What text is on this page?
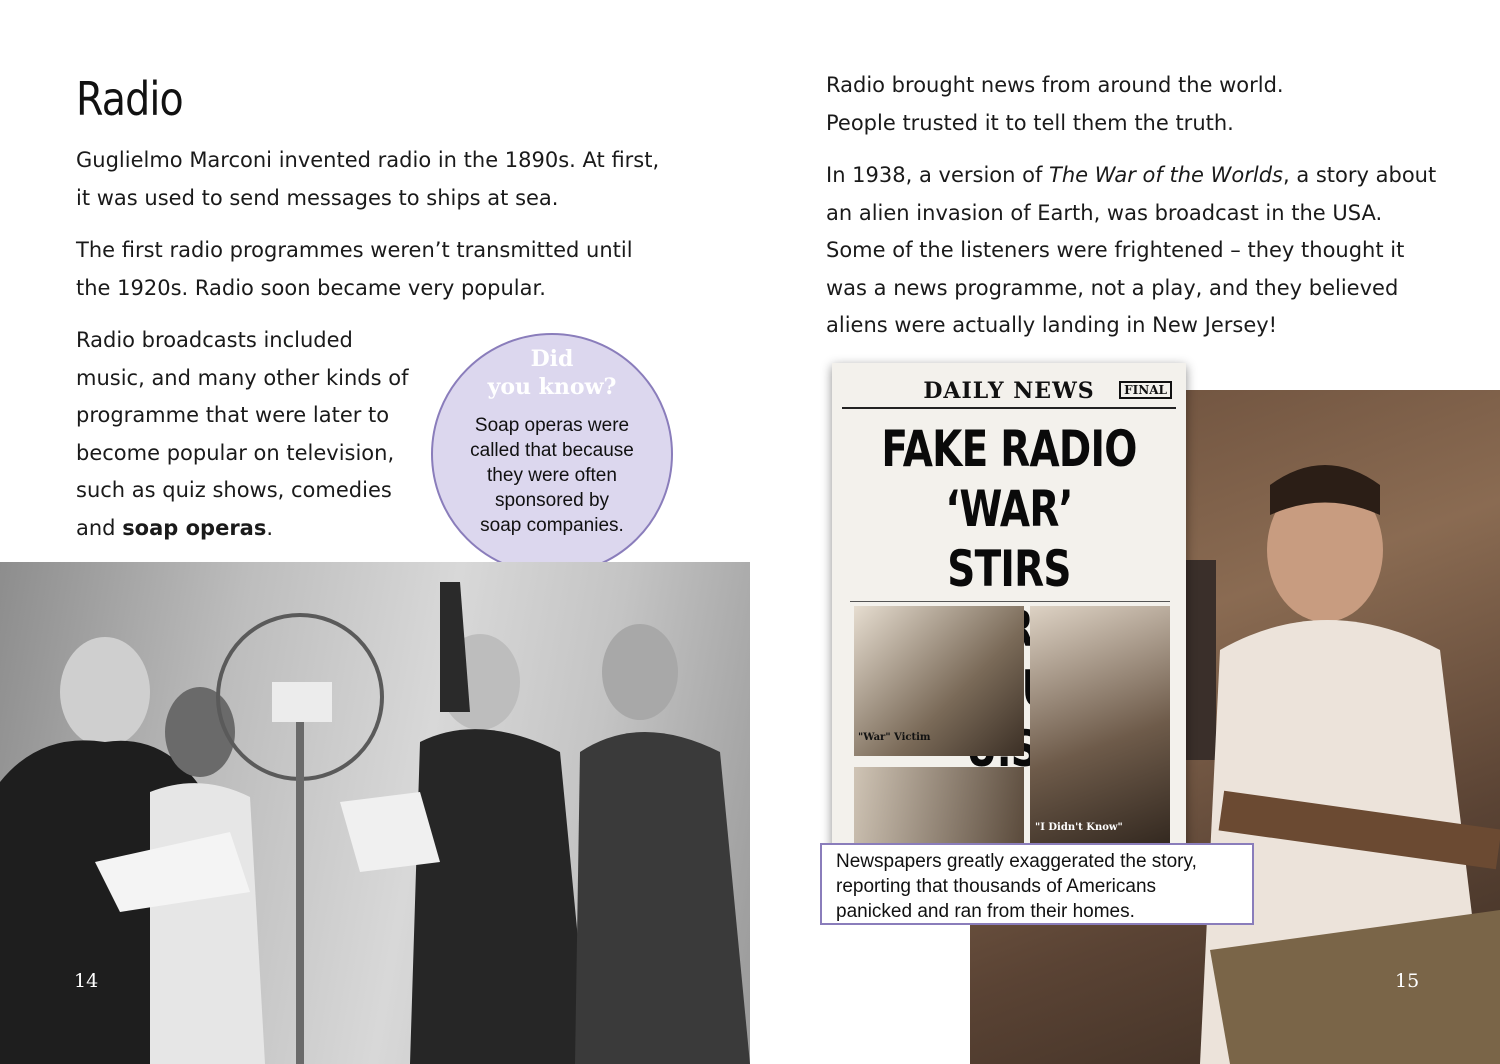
Radio
Guglielmo Marconi invented radio in the 1890s. At first,
it was used to send messages to ships at sea.
The first radio programmes weren’t transmitted until
the 1920s. Radio soon became very popular.
Radio broadcasts included
music, and many other kinds of
programme that were later to
become popular on television,
such as quiz shows, comedies
and soap operas.
Did
you know?
Soap operas were
called that because
they were often
sponsored by
soap companies.
14
Radio brought news from around the world.
People trusted it to tell them the truth.
In 1938, a version of The War of the Worlds, a story about
an alien invasion of Earth, was broadcast in the USA.
Some of the listeners were frightened – they thought it
was a news programme, not a play, and they believed
aliens were actually landing in New Jersey!
15
DAILY NEWS	FINAL
FAKE RADIO ‘WAR’
STIRS
"War" Victim
"I Didn't Know"
Newspapers greatly exaggerated the story,
reporting that thousands of Americans
panicked and ran from their homes.
